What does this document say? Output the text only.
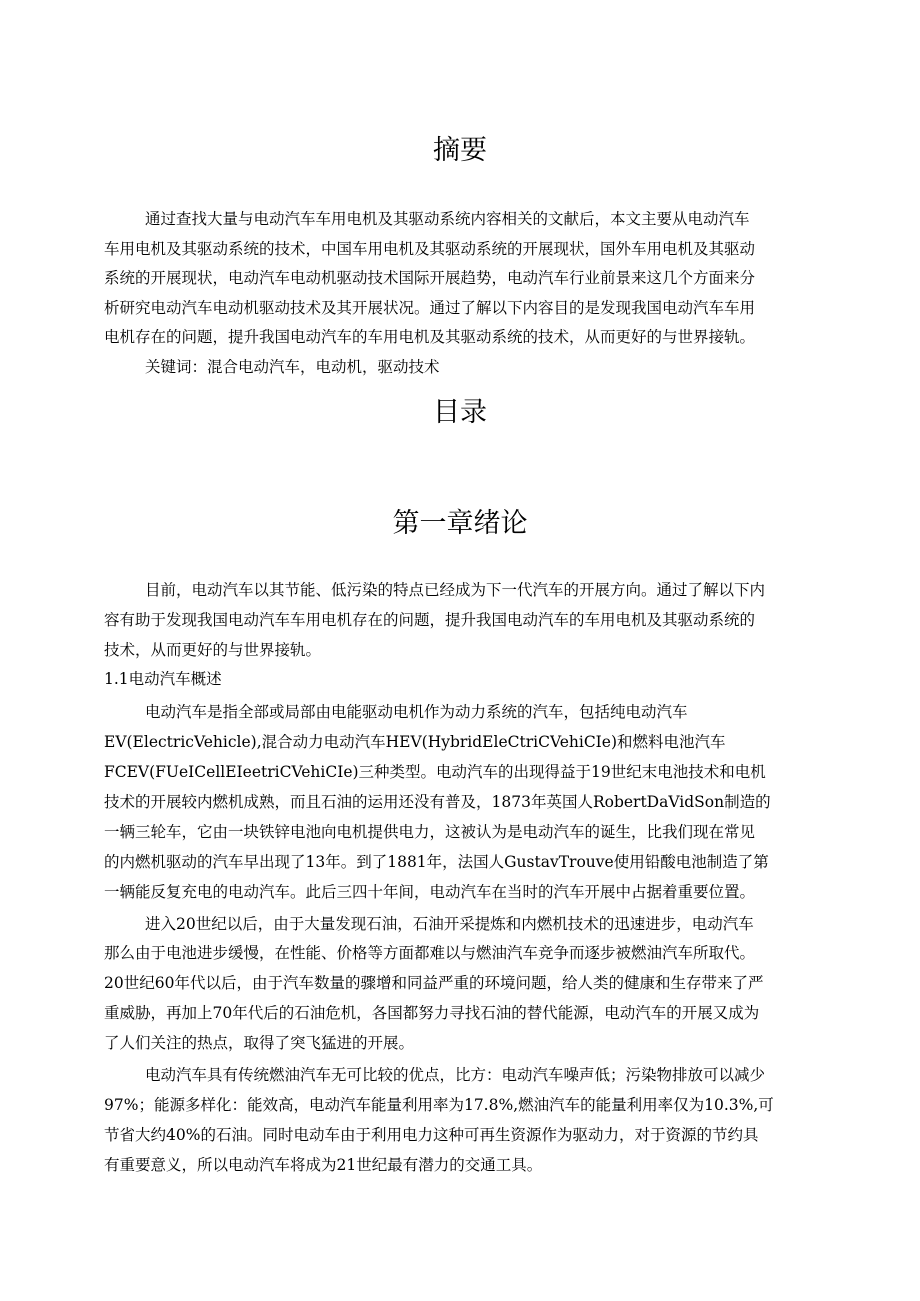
摘要
通过查找大量与电动汽车车用电机及其驱动系统内容相关的文献后，本文主要从电动汽车
车用电机及其驱动系统的技术，中国车用电机及其驱动系统的开展现状，国外车用电机及其驱动
系统的开展现状，电动汽车电动机驱动技术国际开展趋势，电动汽车行业前景来这几个方面来分
析研究电动汽车电动机驱动技术及其开展状况。通过了解以下内容目的是发现我国电动汽车车用
电机存在的问题，提升我国电动汽车的车用电机及其驱动系统的技术，从而更好的与世界接轨。
关键词：混合电动汽车，电动机，驱动技术
目录
第一章绪论
目前，电动汽车以其节能、低污染的特点已经成为下一代汽车的开展方向。通过了解以下内
容有助于发现我国电动汽车车用电机存在的问题，提升我国电动汽车的车用电机及其驱动系统的
技术，从而更好的与世界接轨。
1.1电动汽车概述
电动汽车是指全部或局部由电能驱动电机作为动力系统的汽车，包括纯电动汽车
EV(ElectricVehicle),混合动力电动汽车HEV(HybridEleCtriCVehiCIe)和燃料电池汽车
FCEV(FUeICellEIeetriCVehiCIe)三种类型。电动汽车的出现得益于19世纪末电池技术和电机
技术的开展较内燃机成熟，而且石油的运用还没有普及，1873年英国人RobertDaVidSon制造的
一辆三轮车，它由一块铁锌电池向电机提供电力，这被认为是电动汽车的诞生，比我们现在常见
的内燃机驱动的汽车早出现了13年。到了1881年，法国人GustavTrouve使用铅酸电池制造了第
一辆能反复充电的电动汽车。此后三四十年间，电动汽车在当时的汽车开展中占据着重要位置。
进入20世纪以后，由于大量发现石油，石油开采提炼和内燃机技术的迅速进步，电动汽车
那么由于电池进步缓慢，在性能、价格等方面都难以与燃油汽车竞争而逐步被燃油汽车所取代。
20世纪60年代以后，由于汽车数量的骤增和同益严重的环境问题，给人类的健康和生存带来了严
重威胁，再加上70年代后的石油危机，各国都努力寻找石油的替代能源，电动汽车的开展又成为
了人们关注的热点，取得了突飞猛进的开展。
电动汽车具有传统燃油汽车无可比较的优点，比方：电动汽车噪声低；污染物排放可以减少
97%；能源多样化：能效高，电动汽车能量利用率为17.8%,燃油汽车的能量利用率仅为10.3%,可
节省大约40%的石油。同时电动车由于利用电力这种可再生资源作为驱动力，对于资源的节约具
有重要意义，所以电动汽车将成为21世纪最有潜力的交通工具。
